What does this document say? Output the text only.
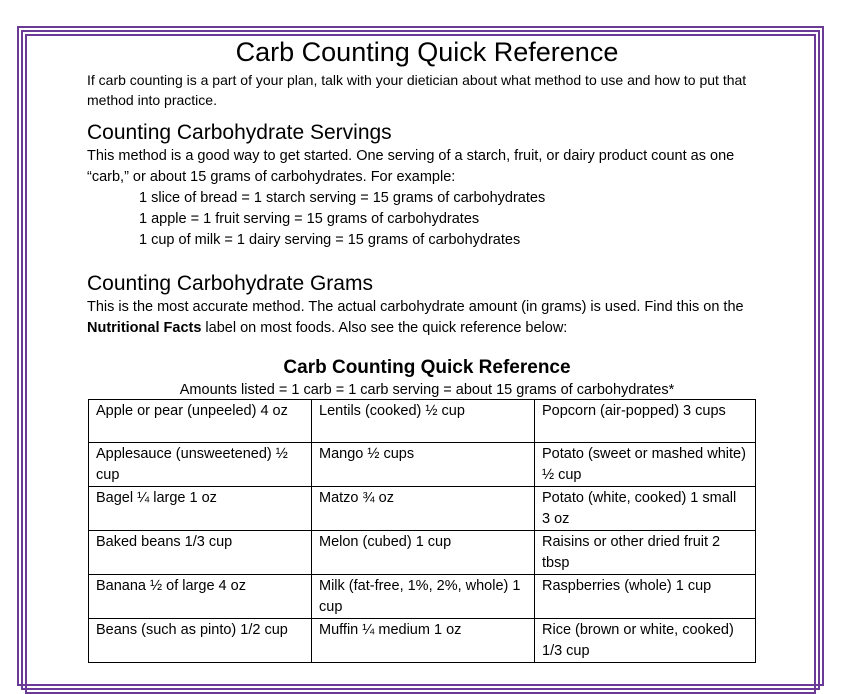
Carb Counting Quick Reference

If carb counting is a part of your plan, talk with your dietician about what method to use and how to put that method into practice.

Counting Carbohydrate Servings

This method is a good way to get started. One serving of a starch, fruit, or dairy product count as one “carb,” or about 15 grams of carbohydrates. For example:

1 slice of bread = 1 starch serving = 15 grams of carbohydrates

1 apple = 1 fruit serving = 15 grams of carbohydrates

1 cup of milk = 1 dairy serving = 15 grams of carbohydrates

Counting Carbohydrate Grams

This is the most accurate method. The actual carbohydrate amount (in grams) is used. Find this on the Nutritional Facts label on most foods. Also see the quick reference below:

Carb Counting Quick Reference
Amounts listed = 1 carb = 1 carb serving = about 15 grams of carbohydrates*
Apple or pear (unpeeled) 4 oz	Lentils (cooked) ½ cup	Popcorn (air-popped) 3 cups
Applesauce (unsweetened) ½ cup	Mango ½ cups	Potato (sweet or mashed white) ½ cup
Bagel ¼ large 1 oz	Matzo ¾ oz	Potato (white, cooked) 1 small 3 oz
Baked beans 1/3 cup	Melon (cubed) 1 cup	Raisins or other dried fruit 2 tbsp
Banana ½ of large 4 oz	Milk (fat-free, 1%, 2%, whole) 1 cup	Raspberries (whole) 1 cup
Beans (such as pinto) 1/2 cup	Muffin ¼ medium 1 oz	Rice (brown or white, cooked) 1/3 cup
